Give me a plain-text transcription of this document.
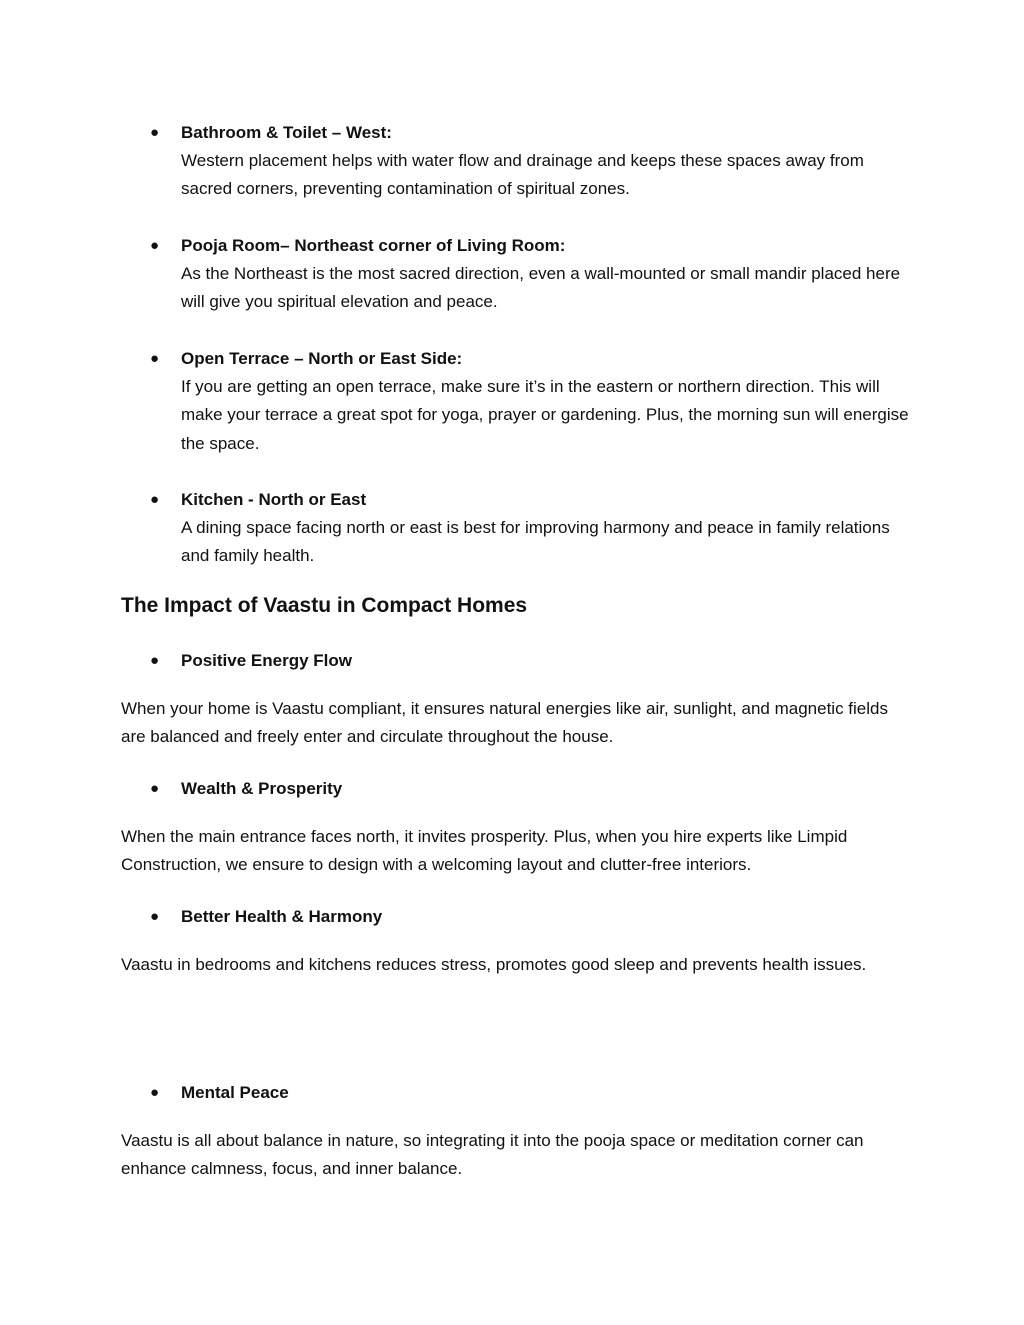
● Bathroom & Toilet – West:

Western placement helps with water flow and drainage and keeps these spaces away from sacred corners, preventing contamination of spiritual zones.

● Pooja Room– Northeast corner of Living Room:

As the Northeast is the most sacred direction, even a wall-mounted or small mandir placed here will give you spiritual elevation and peace.

● Open Terrace – North or East Side:

If you are getting an open terrace, make sure it’s in the eastern or northern direction. This will make your terrace a great spot for yoga, prayer or gardening. Plus, the morning sun will energise the space.

● Kitchen - North or East

A dining space facing north or east is best for improving harmony and peace in family relations and family health.

The Impact of Vaastu in Compact Homes
● Positive Energy Flow

When your home is Vaastu compliant, it ensures natural energies like air, sunlight, and magnetic fields are balanced and freely enter and circulate throughout the house.

● Wealth & Prosperity

When the main entrance faces north, it invites prosperity. Plus, when you hire experts like Limpid Construction, we ensure to design with a welcoming layout and clutter-free interiors.

● Better Health & Harmony

Vaastu in bedrooms and kitchens reduces stress, promotes good sleep and prevents health issues.

● Mental Peace

Vaastu is all about balance in nature, so integrating it into the pooja space or meditation corner can enhance calmness, focus, and inner balance.
